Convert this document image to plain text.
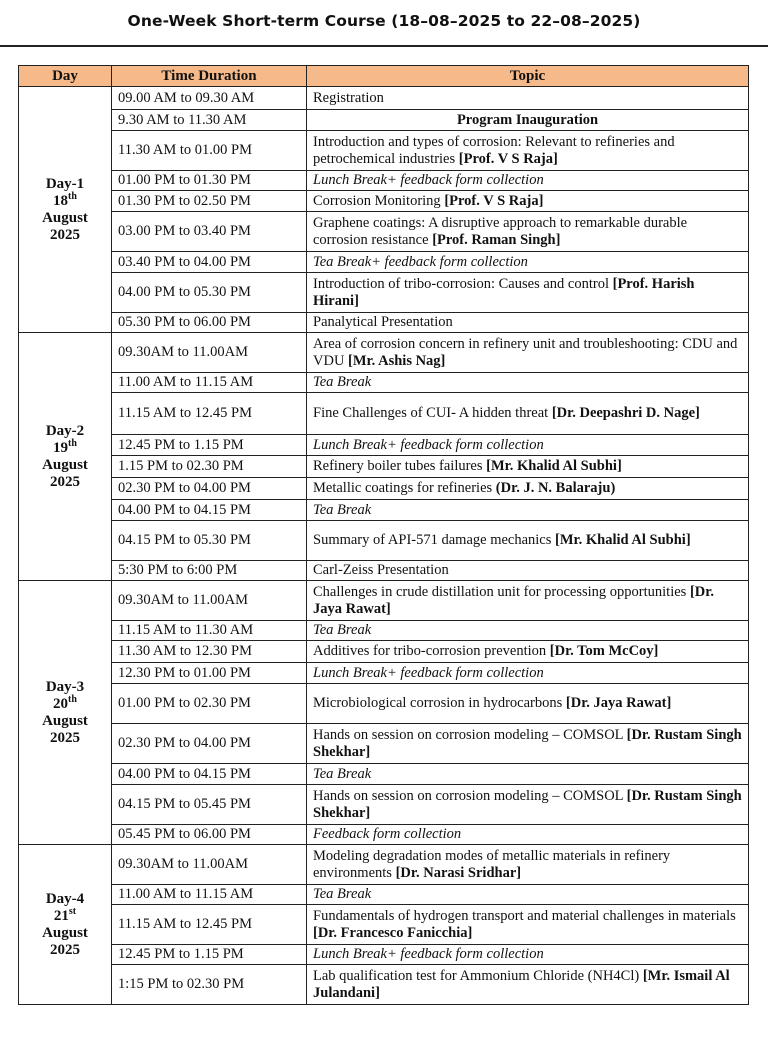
One-Week Short-term Course (18–08–2025 to 22–08–2025)
Day	Time Duration	Topic
Day-1
18th
August
2025	09.00 AM to 09.30 AM	Registration
	9.30 AM to 11.30 AM	Program Inauguration
	11.30 AM to 01.00 PM	Introduction and types of corrosion: Relevant to refineries and petrochemical industries [Prof. V S Raja]
	01.00 PM to 01.30 PM	Lunch Break+ feedback form collection
	01.30 PM to 02.50 PM	Corrosion Monitoring [Prof. V S Raja]
	03.00 PM to 03.40 PM	Graphene coatings: A disruptive approach to remarkable durable corrosion resistance [Prof. Raman Singh]
	03.40 PM to 04.00 PM	Tea Break+ feedback form collection
	04.00 PM to 05.30 PM	Introduction of tribo-corrosion: Causes and control [Prof. Harish Hirani]
	05.30 PM to 06.00 PM	Panalytical Presentation
Day-2
19th
August
2025	09.30AM to 11.00AM	Area of corrosion concern in refinery unit and troubleshooting: CDU and VDU [Mr. Ashis Nag]
	11.00 AM to 11.15 AM	Tea Break
	11.15 AM to 12.45 PM	Fine Challenges of CUI- A hidden threat [Dr. Deepashri D. Nage]
	12.45 PM to 1.15 PM	Lunch Break+ feedback form collection
	1.15 PM to 02.30 PM	Refinery boiler tubes failures [Mr. Khalid Al Subhi]
	02.30 PM to 04.00 PM	Metallic coatings for refineries (Dr. J. N. Balaraju)
	04.00 PM to 04.15 PM	Tea Break
	04.15 PM to 05.30 PM	Summary of API-571 damage mechanics [Mr. Khalid Al Subhi]
	5:30 PM to 6:00 PM	Carl-Zeiss Presentation
Day-3
20th
August
2025	09.30AM to 11.00AM	Challenges in crude distillation unit for processing opportunities [Dr. Jaya Rawat]
	11.15 AM to 11.30 AM	Tea Break
	11.30 AM to 12.30 PM	Additives for tribo-corrosion prevention [Dr. Tom McCoy]
	12.30 PM to 01.00 PM	Lunch Break+ feedback form collection
	01.00 PM to 02.30 PM	Microbiological corrosion in hydrocarbons [Dr. Jaya Rawat]
	02.30 PM to 04.00 PM	Hands on session on corrosion modeling – COMSOL [Dr. Rustam Singh Shekhar]
	04.00 PM to 04.15 PM	Tea Break
	04.15 PM to 05.45 PM	Hands on session on corrosion modeling – COMSOL [Dr. Rustam Singh Shekhar]
	05.45 PM to 06.00 PM	Feedback form collection
Day-4
21st
August
2025	09.30AM to 11.00AM	Modeling degradation modes of metallic materials in refinery environments [Dr. Narasi Sridhar]
	11.00 AM to 11.15 AM	Tea Break
	11.15 AM to 12.45 PM	Fundamentals of hydrogen transport and material challenges in materials [Dr. Francesco Fanicchia]
	12.45 PM to 1.15 PM	Lunch Break+ feedback form collection
	1:15 PM to 02.30 PM	Lab qualification test for Ammonium Chloride (NH4Cl) [Mr. Ismail Al Julandani]
